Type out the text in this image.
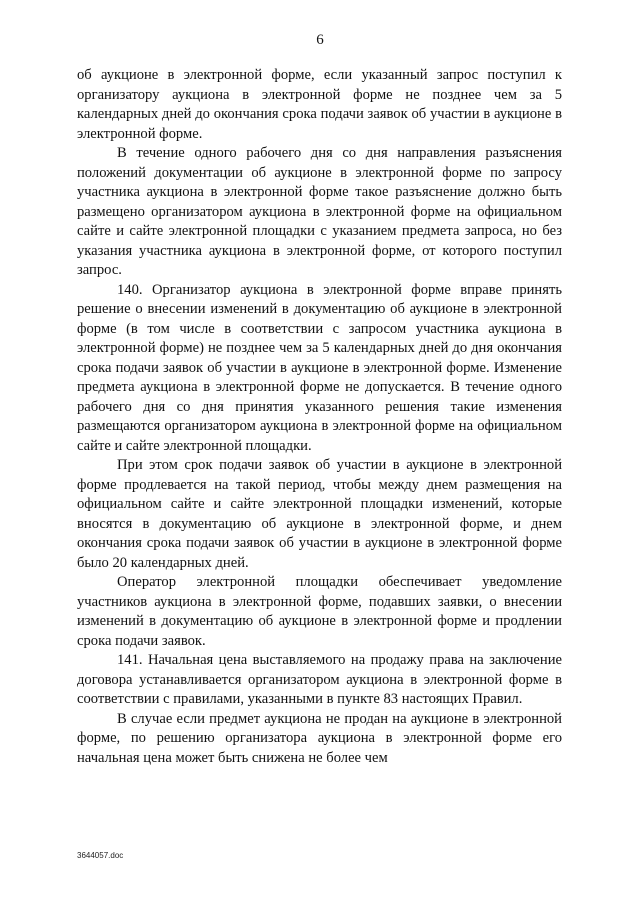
6

об аукционе в электронной форме, если указанный запрос поступил к организатору аукциона в электронной форме не позднее чем за 5 календарных дней до окончания срока подачи заявок об участии в аукционе в электронной форме.

В течение одного рабочего дня со дня направления разъяснения положений документации об аукционе в электронной форме по запросу участника аукциона в электронной форме такое разъяснение должно быть размещено организатором аукциона в электронной форме на официальном сайте и сайте электронной площадки с указанием предмета запроса, но без указания участника аукциона в электронной форме, от которого поступил запрос.

140. Организатор аукциона в электронной форме вправе принять решение о внесении изменений в документацию об аукционе в электронной форме (в том числе в соответствии с запросом участника аукциона в электронной форме) не позднее чем за 5 календарных дней до дня окончания срока подачи заявок об участии в аукционе в электронной форме. Изменение предмета аукциона в электронной форме не допускается. В течение одного рабочего дня со дня принятия указанного решения такие изменения размещаются организатором аукциона в электронной форме на официальном сайте и сайте электронной площадки.

При этом срок подачи заявок об участии в аукционе в электронной форме продлевается на такой период, чтобы между днем размещения на официальном сайте и сайте электронной площадки изменений, которые вносятся в документацию об аукционе в электронной форме, и днем окончания срока подачи заявок об участии в аукционе в электронной форме было 20 календарных дней.

Оператор электронной площадки обеспечивает уведомление участников аукциона в электронной форме, подавших заявки, о внесении изменений в документацию об аукционе в электронной форме и продлении срока подачи заявок.

141. Начальная цена выставляемого на продажу права на заключение договора устанавливается организатором аукциона в электронной форме в соответствии с правилами, указанными в пункте 83 настоящих Правил.

В случае если предмет аукциона не продан на аукционе в электронной форме, по решению организатора аукциона в электронной форме его начальная цена может быть снижена не более чем

3644057.doc
